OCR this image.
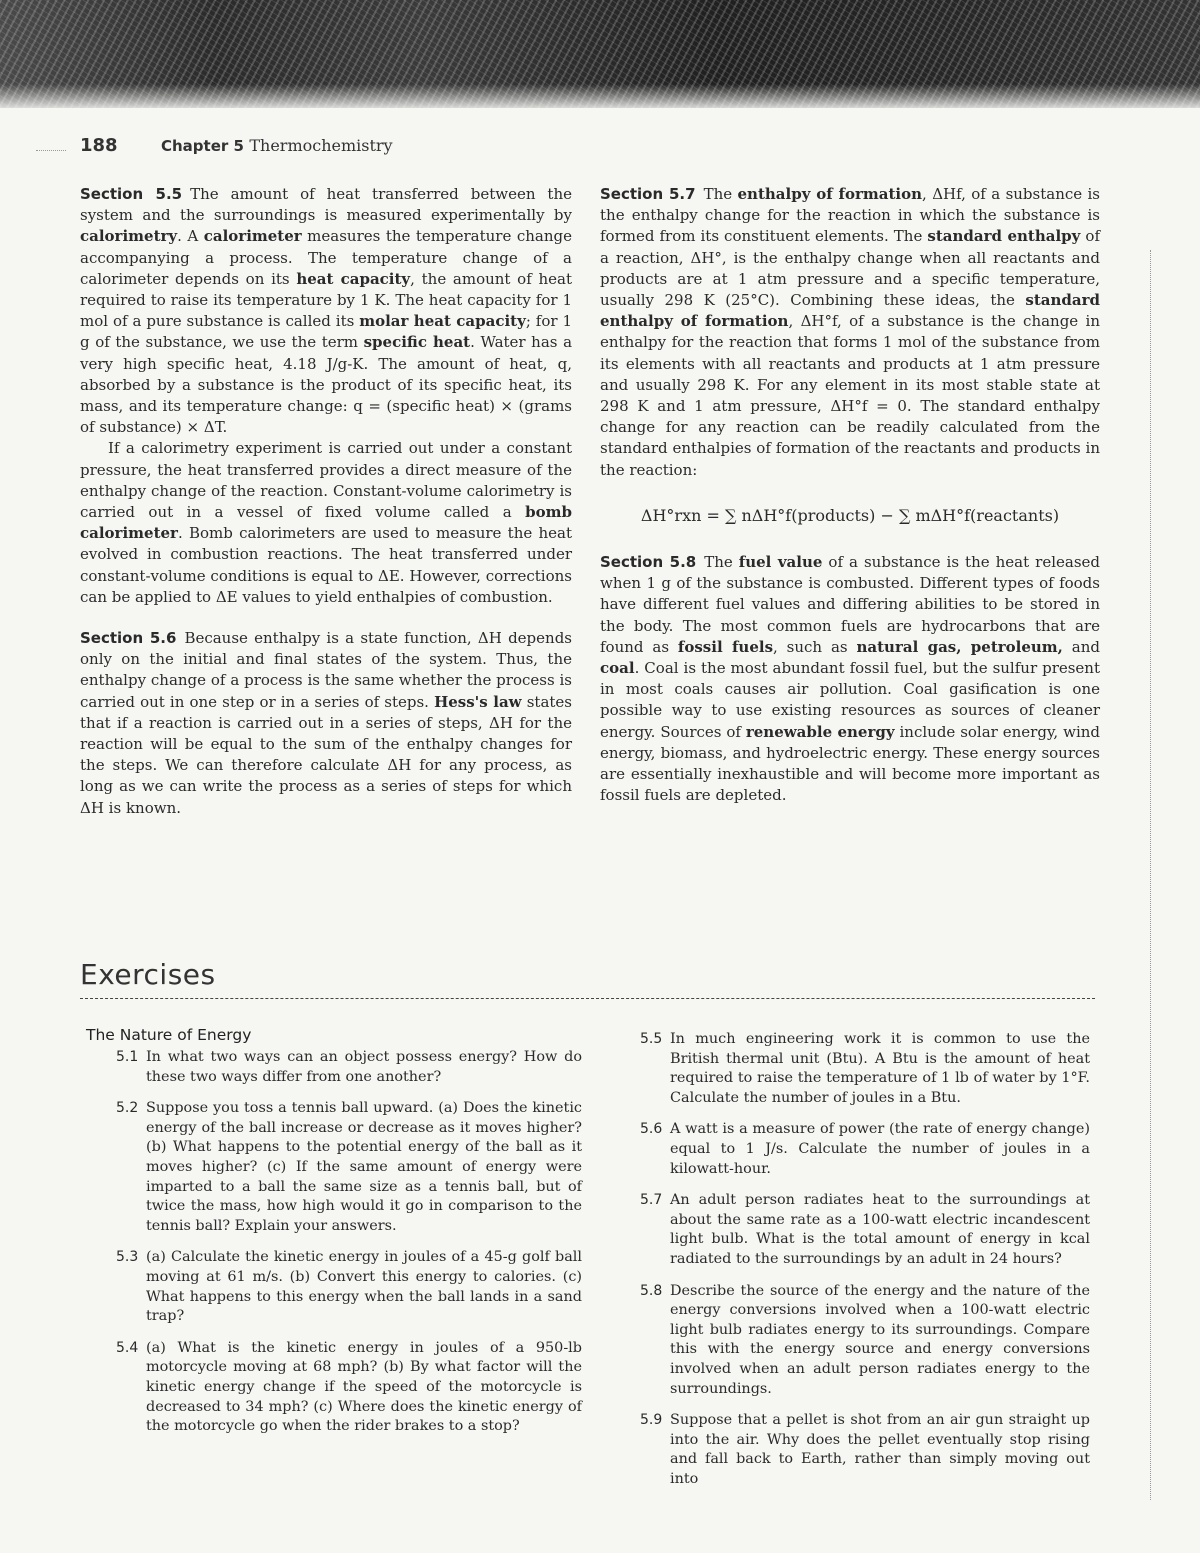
188	Chapter 5 Thermochemistry

Section 5.5 The amount of heat transferred between the system and the surroundings is measured experimentally by calorimetry. A calorimeter measures the temperature change accompanying a process. The temperature change of a calorimeter depends on its heat capacity, the amount of heat required to raise its temperature by 1 K. The heat capacity for 1 mol of a pure substance is called its molar heat capacity; for 1 g of the substance, we use the term specific heat. Water has a very high specific heat, 4.18 J/g-K. The amount of heat, q, absorbed by a substance is the product of its specific heat, its mass, and its temperature change: q = (specific heat) × (grams of substance) × ΔT.

If a calorimetry experiment is carried out under a constant pressure, the heat transferred provides a direct measure of the enthalpy change of the reaction. Constant-volume calorimetry is carried out in a vessel of fixed volume called a bomb calorimeter. Bomb calorimeters are used to measure the heat evolved in combustion reactions. The heat transferred under constant-volume conditions is equal to ΔE. However, corrections can be applied to ΔE values to yield enthalpies of combustion.

Section 5.6 Because enthalpy is a state function, ΔH depends only on the initial and final states of the system. Thus, the enthalpy change of a process is the same whether the process is carried out in one step or in a series of steps. Hess's law states that if a reaction is carried out in a series of steps, ΔH for the reaction will be equal to the sum of the enthalpy changes for the steps. We can therefore calculate ΔH for any process, as long as we can write the process as a series of steps for which ΔH is known.

Section 5.7 The enthalpy of formation, ΔHf, of a substance is the enthalpy change for the reaction in which the substance is formed from its constituent elements. The standard enthalpy of a reaction, ΔH°, is the enthalpy change when all reactants and products are at 1 atm pressure and a specific temperature, usually 298 K (25°C). Combining these ideas, the standard enthalpy of formation, ΔH°f, of a substance is the change in enthalpy for the reaction that forms 1 mol of the substance from its elements with all reactants and products at 1 atm pressure and usually 298 K. For any element in its most stable state at 298 K and 1 atm pressure, ΔH°f = 0. The standard enthalpy change for any reaction can be readily calculated from the standard enthalpies of formation of the reactants and products in the reaction:

ΔH°rxn = ∑ nΔH°f(products) − ∑ mΔH°f(reactants)

Section 5.8 The fuel value of a substance is the heat released when 1 g of the substance is combusted. Different types of foods have different fuel values and differing abilities to be stored in the body. The most common fuels are hydrocarbons that are found as fossil fuels, such as natural gas, petroleum, and coal. Coal is the most abundant fossil fuel, but the sulfur present in most coals causes air pollution. Coal gasification is one possible way to use existing resources as sources of cleaner energy. Sources of renewable energy include solar energy, wind energy, biomass, and hydroelectric energy. These energy sources are essentially inexhaustible and will become more important as fossil fuels are depleted.

Exercises
The Nature of Energy
5.1 In what two ways can an object possess energy? How do these two ways differ from one another?
5.2 Suppose you toss a tennis ball upward. (a) Does the kinetic energy of the ball increase or decrease as it moves higher? (b) What happens to the potential energy of the ball as it moves higher? (c) If the same amount of energy were imparted to a ball the same size as a tennis ball, but of twice the mass, how high would it go in comparison to the tennis ball? Explain your answers.
5.3 (a) Calculate the kinetic energy in joules of a 45-g golf ball moving at 61 m/s. (b) Convert this energy to calories. (c) What happens to this energy when the ball lands in a sand trap?
5.4 (a) What is the kinetic energy in joules of a 950-lb motorcycle moving at 68 mph? (b) By what factor will the kinetic energy change if the speed of the motorcycle is decreased to 34 mph? (c) Where does the kinetic energy of the motorcycle go when the rider brakes to a stop?
5.5 In much engineering work it is common to use the British thermal unit (Btu). A Btu is the amount of heat required to raise the temperature of 1 lb of water by 1°F. Calculate the number of joules in a Btu.
5.6 A watt is a measure of power (the rate of energy change) equal to 1 J/s. Calculate the number of joules in a kilowatt-hour.
5.7 An adult person radiates heat to the surroundings at about the same rate as a 100-watt electric incandescent light bulb. What is the total amount of energy in kcal radiated to the surroundings by an adult in 24 hours?
5.8 Describe the source of the energy and the nature of the energy conversions involved when a 100-watt electric light bulb radiates energy to its surroundings. Compare this with the energy source and energy conversions involved when an adult person radiates energy to the surroundings.
5.9 Suppose that a pellet is shot from an air gun straight up into the air. Why does the pellet eventually stop rising and fall back to Earth, rather than simply moving out into
